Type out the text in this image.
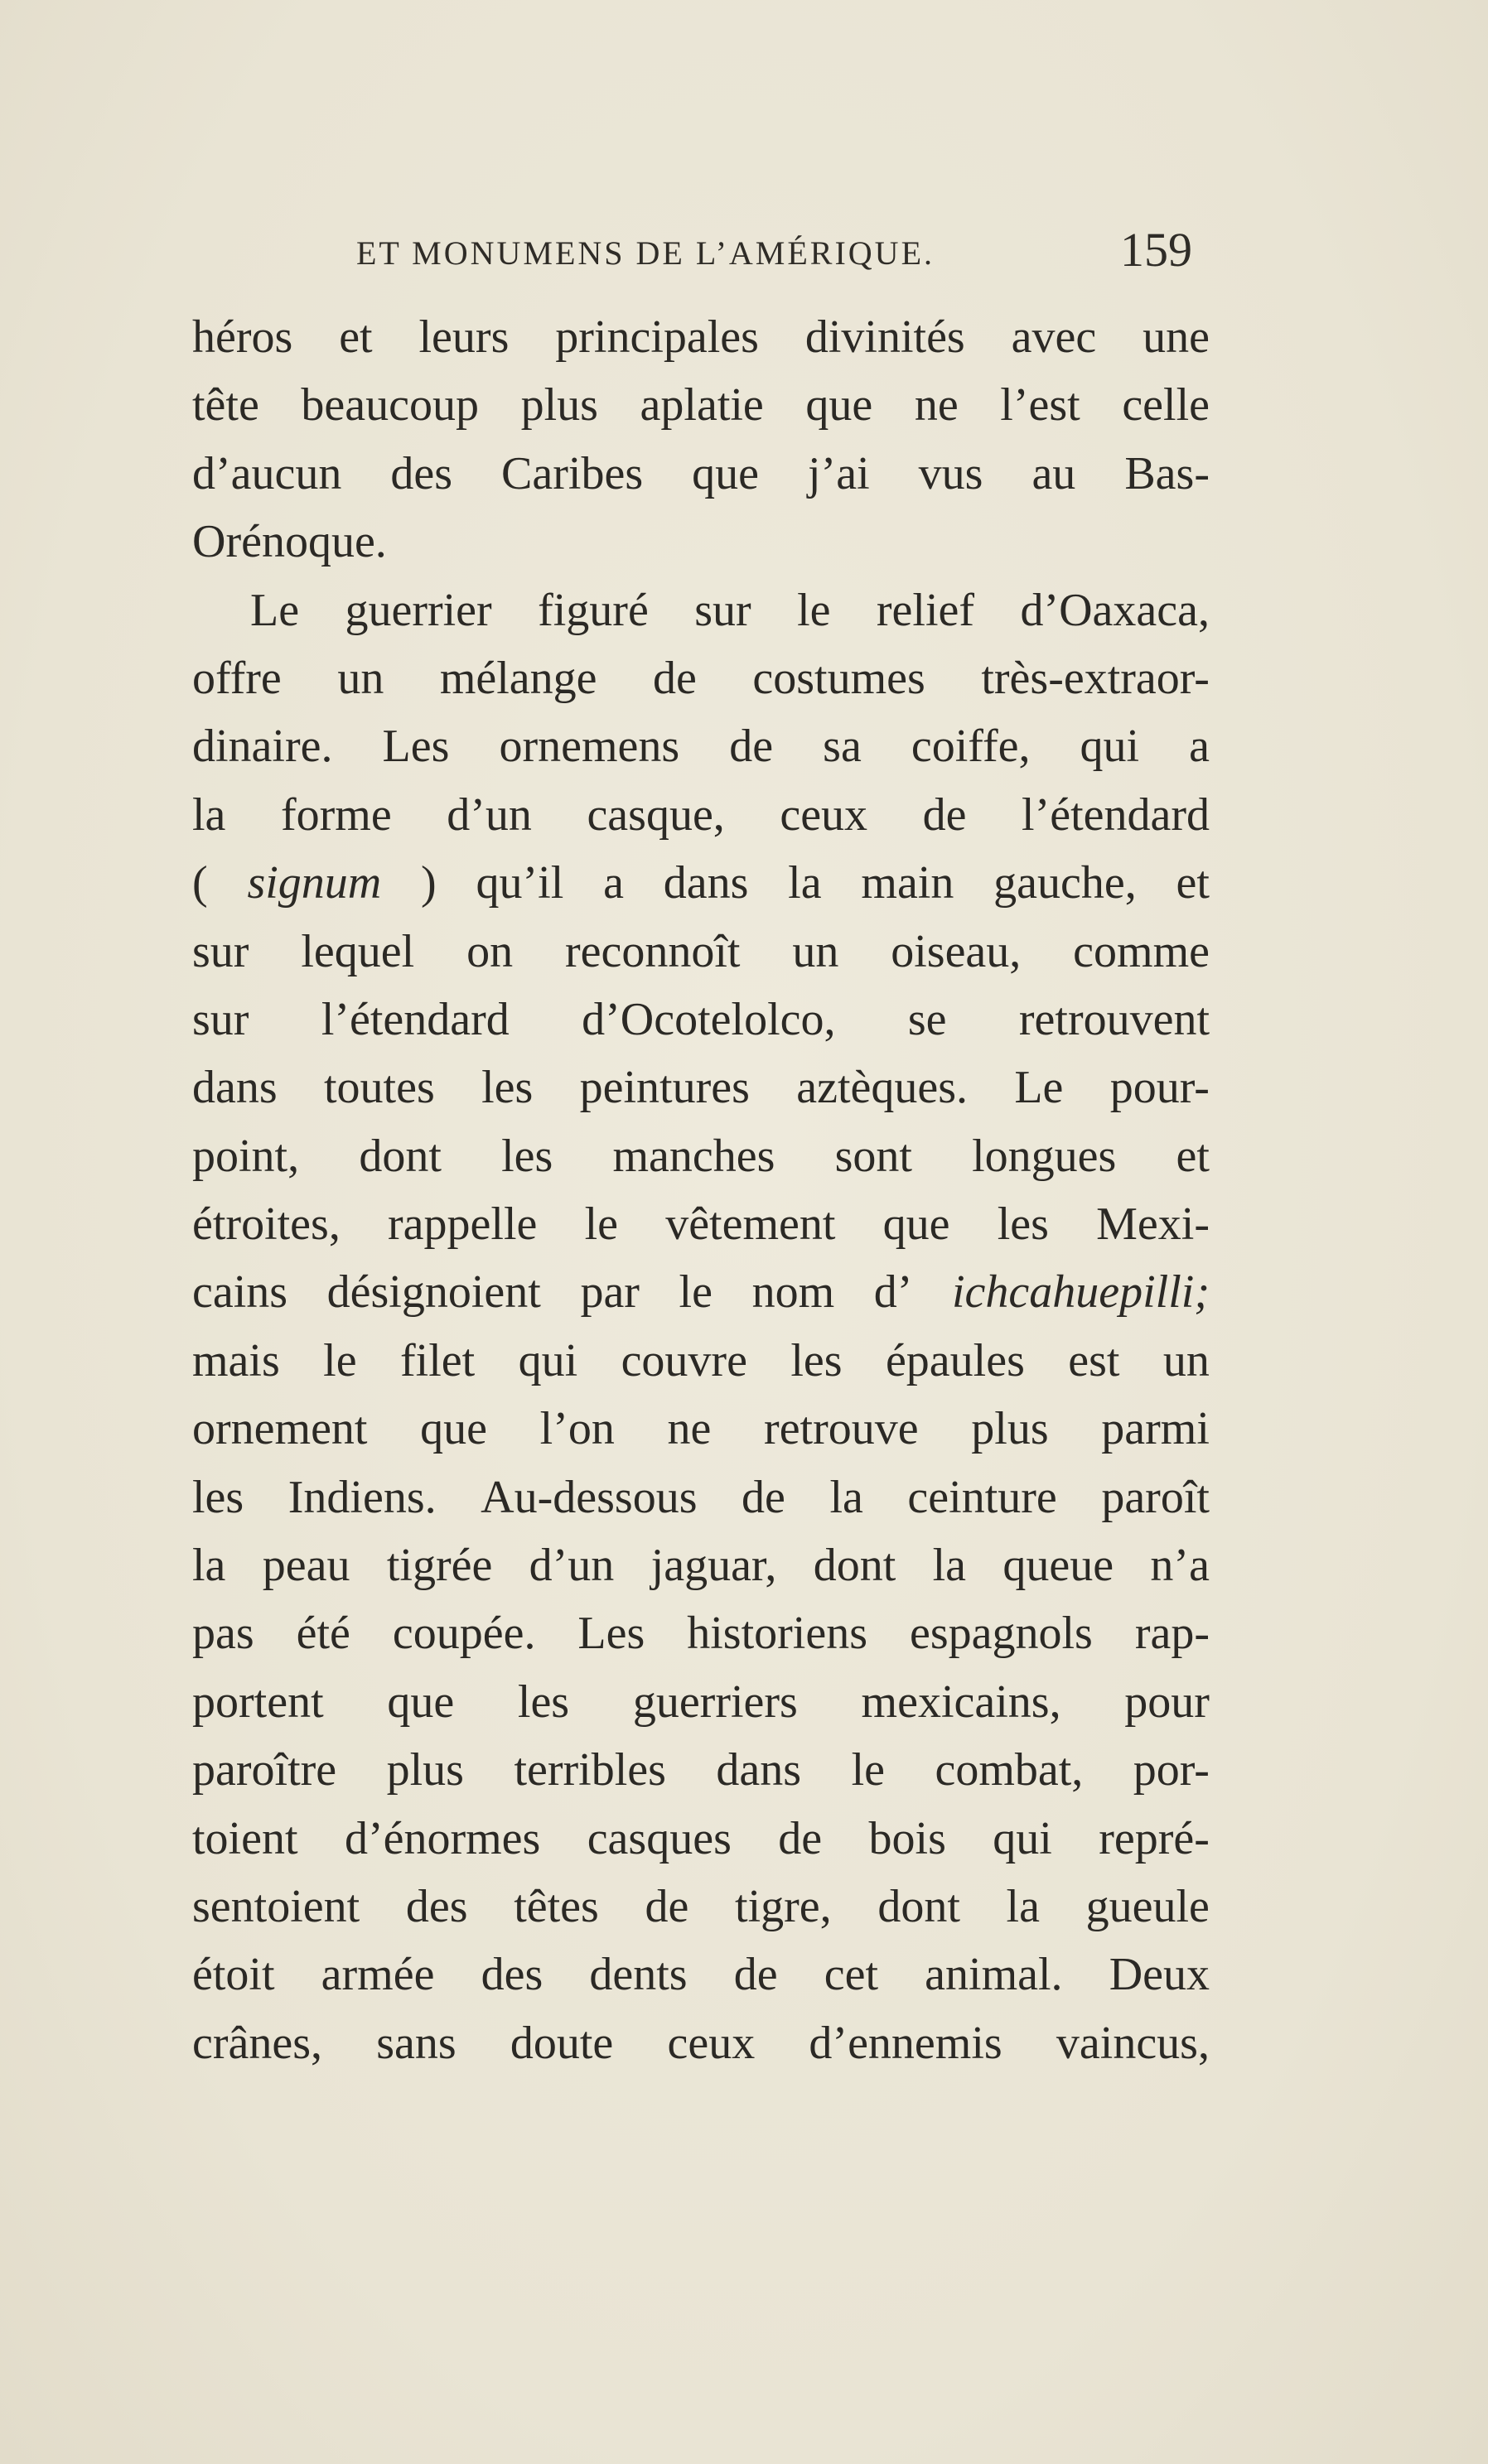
ET MONUMENS DE L’AMÉRIQUE.	159
héros et leurs principales divinités avec une
tête beaucoup plus aplatie que ne l’est celle
d’aucun des Caribes que j’ai vus au Bas-
Orénoque.
Le guerrier figuré sur le relief d’Oaxaca,
offre un mélange de costumes très-extraor-
dinaire. Les ornemens de sa coiffe, qui a
la forme d’un casque, ceux de l’étendard
( signum ) qu’il a dans la main gauche, et
sur lequel on reconnoît un oiseau, comme
sur l’étendard d’Ocotelolco, se retrouvent
dans toutes les peintures aztèques. Le pour-
point, dont les manches sont longues et
étroites, rappelle le vêtement que les Mexi-
cains désignoient par le nom d’ ichcahuepilli;
mais le filet qui couvre les épaules est un
ornement que l’on ne retrouve plus parmi
les Indiens. Au-dessous de la ceinture paroît
la peau tigrée d’un jaguar, dont la queue n’a
pas été coupée. Les historiens espagnols rap-
portent que les guerriers mexicains, pour
paroître plus terribles dans le combat, por-
toient d’énormes casques de bois qui repré-
sentoient des têtes de tigre, dont la gueule
étoit armée des dents de cet animal. Deux
crânes, sans doute ceux d’ennemis vaincus,
